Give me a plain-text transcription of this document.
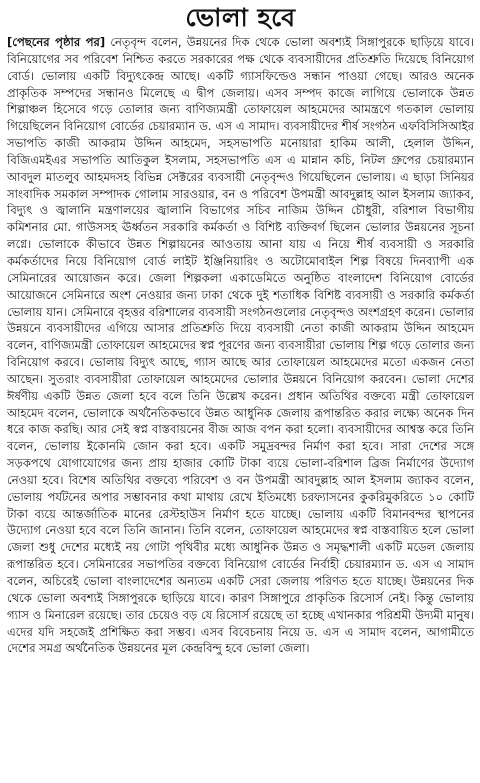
ভোলা হবে

[পেছনের পৃষ্ঠার পর] নেতৃবৃন্দ বলেন, উন্নয়নের দিক থেকে ভোলা অবশ্যই সিঙ্গাপুরকে ছাড়িয়ে যাবে। বিনিয়োগের সব পরিবেশ নিশ্চিত করতে সরকারের পক্ষ থেকে ব্যবসায়ীদের প্রতিশ্রুতি দিয়েছে বিনিয়োগ বোর্ড। ভোলায় একটি বিদ্যুৎকেন্দ্র আছে। একটি গ্যাসফিল্ডেও সন্ধান পাওয়া গেছে। আরও অনেক প্রাকৃতিক সম্পদের সন্ধানও মিলেছে এ দ্বীপ জেলায়। এসব সম্পদ কাজে লাগিয়ে ভোলাকে উন্নত শিল্পাঞ্চল হিসেবে গড়ে তোলার জন্য বাণিজ্যমন্ত্রী তোফায়েল আহমেদের আমন্ত্রণে গতকাল ভোলায় গিয়েছিলেন বিনিয়োগ বোর্ডের চেয়ারম্যান ড. এস এ সামাদ। ব্যবসায়ীদের শীর্ষ সংগঠন এফবিসিসিআইর সভাপতি কাজী আকরাম উদ্দিন আহমেদ, সহসভাপতি মনোয়ারা হাকিম আলী, হেলাল উদ্দিন, বিজিএমইএর সভাপতি আতিকুল ইসলাম, সহসভাপতি এস এ মান্নান কচি, নিটল গ্রুপের চেয়ারম্যান আবদুল মাতলুব আহমদসহ বিভিন্ন সেক্টরের ব্যবসায়ী নেতৃবৃন্দও গিয়েছিলেন ভোলায়। এ ছাড়া সিনিয়র সাংবাদিক সমকাল সম্পাদক গোলাম সারওয়ার, বন ও পরিবেশ উপমন্ত্রী আবদুল্লাহ আল ইসলাম জ্যাকব, বিদ্যুৎ ও জ্বালানি মন্ত্রণালয়ের জ্বালানি বিভাগের সচিব নাজিম উদ্দিন চৌধুরী, বরিশাল বিভাগীয় কমিশনার মো. গাউসসহ ঊর্ধ্বতন সরকারি কর্মকর্তা ও বিশিষ্ট ব্যক্তিবর্গ ছিলেন ভোলার উন্নয়নের সূচনা লগ্নে। ভোলাকে কীভাবে উন্নত শিল্পায়নের আওতায় আনা যায় এ নিয়ে শীর্ষ ব্যবসায়ী ও সরকারি কর্মকর্তাদের নিয়ে বিনিয়োগ বোর্ড লাইট ইঞ্জিনিয়ারিং ও অটোমোবাইল শিল্প বিষয়ে দিনব্যাপী এক সেমিনারের আয়োজন করে। জেলা শিল্পকলা একাডেমিতে অনুষ্ঠিত বাংলাদেশ বিনিয়োগ বোর্ডের আয়োজনে সেমিনারে অংশ নেওয়ার জন্য ঢাকা থেকে দুই শতাধিক বিশিষ্ট ব্যবসায়ী ও সরকারি কর্মকর্তা ভোলায় যান। সেমিনারে বৃহত্তর বরিশালের ব্যবসায়ী সংগঠনগুলোর নেতৃবৃন্দও অংশগ্রহণ করেন। ভোলার উন্নয়নে ব্যবসায়ীদের এগিয়ে আসার প্রতিশ্রুতি দিয়ে ব্যবসায়ী নেতা কাজী আকরাম উদ্দিন আহমেদ বলেন, বাণিজ্যমন্ত্রী তোফায়েল আহমেদের স্বপ্ন পূরণের জন্য ব্যবসায়ীরা ভোলায় শিল্প গড়ে তোলার জন্য বিনিয়োগ করবে। ভোলায় বিদ্যুৎ আছে, গ্যাস আছে আর তোফায়েল আহমেদের মতো একজন নেতা আছেন। সুতরাং ব্যবসায়ীরা তোফায়েল আহমেদের ভোলার উন্নয়নে বিনিয়োগ করবেন। ভোলা দেশের ঈর্ষণীয় একটি উন্নত জেলা হবে বলে তিনি উল্লেখ করেন। প্রধান অতিথির বক্তব্যে মন্ত্রী তোফায়েল আহমেদ বলেন, ভোলাকে অর্থনৈতিকভাবে উন্নত আধুনিক জেলায় রূপান্তরিত করার লক্ষ্যে অনেক দিন ধরে কাজ করছি। আর সেই স্বপ্ন বাস্তবায়নের বীজ আজ বপন করা হলো। ব্যবসায়ীদের আশ্বস্ত করে তিনি বলেন, ভোলায় ইকোনমি জোন করা হবে। একটি সমুদ্রবন্দর নির্মাণ করা হবে। সারা দেশের সঙ্গে সড়কপথে যোগাযোগের জন্য প্রায় হাজার কোটি টাকা ব্যয়ে ভোলা-বরিশাল ব্রিজ নির্মাণের উদ্যোগ নেওয়া হবে। বিশেষ অতিথির বক্তব্যে পরিবেশ ও বন উপমন্ত্রী আবদুল্লাহ আল ইসলাম জ্যাকব বলেন, ভোলায় পর্যটনের অপার সম্ভাবনার কথা মাথায় রেখে ইতিমধ্যে চরফ্যাসনের কুকরিমুকরিতে ১০ কোটি টাকা ব্যয়ে আন্তর্জাতিক মানের রেস্টহাউস নির্মাণ হতে যাচ্ছে। ভোলায় একটি বিমানবন্দর স্থাপনের উদ্যোগ নেওয়া হবে বলে তিনি জানান। তিনি বলেন, তোফায়েল আহমেদের স্বপ্ন বাস্তবায়িত হলে ভোলা জেলা শুধু দেশের মধ্যেই নয় গোটা পৃথিবীর মধ্যে আধুনিক উন্নত ও সমৃদ্ধশালী একটি মডেল জেলায় রূপান্তরিত হবে। সেমিনারের সভাপতির বক্তব্যে বিনিয়োগ বোর্ডের নির্বাহী চেয়ারম্যান ড. এস এ সামাদ বলেন, অচিরেই ভোলা বাংলাদেশের অন্যতম একটি সেরা জেলায় পরিণত হতে যাচ্ছে। উন্নয়নের দিক থেকে ভোলা অবশ্যই সিঙ্গাপুরকে ছাড়িয়ে যাবে। কারণ সিঙ্গাপুরে প্রাকৃতিক রিসোর্স নেই। কিন্তু ভোলায় গ্যাস ও মিনারেল রয়েছে। তার চেয়েও বড় যে রিসোর্স রয়েছে তা হচ্ছে এখানকার পরিশ্রমী উদ্যমী মানুষ। এদের যদি সহজেই প্রশিক্ষিত করা সম্ভব। এসব বিবেচনায় নিয়ে ড. এস এ সামাদ বলেন, আগামীতে দেশের সমগ্র অর্থনৈতিক উন্নয়নের মূল কেন্দ্রবিন্দু হবে ভোলা জেলা।
